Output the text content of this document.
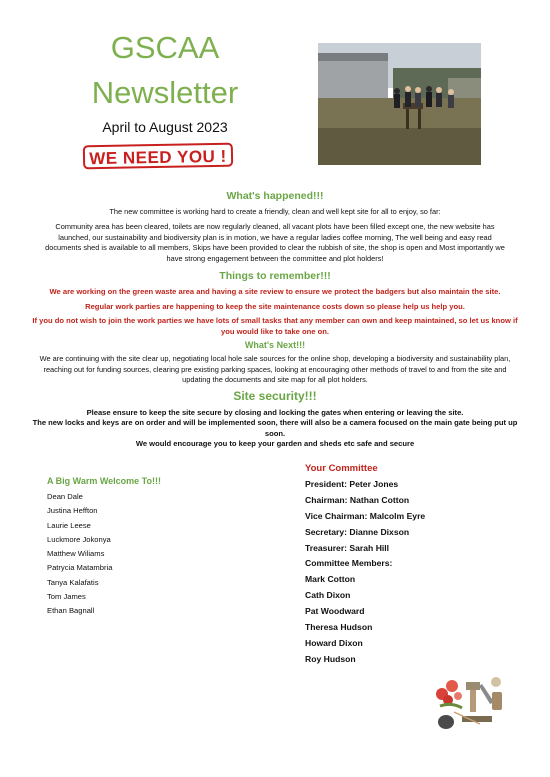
GSCAA
Newsletter
April to August 2023
WE NEED YOU !
What's happened!!!
The new committee is working hard to create a friendly, clean and well kept site for all to enjoy, so far:
Community area has been cleared, toilets are now regularly cleaned, all vacant plots have been filled except one, the new website has launched, our sustainability and biodiversity plan is in motion, we have a regular ladies coffee morning, The well being and easy read documents shed is available to all members, Skips have been provided to clear the rubbish of site, the shop is open and Most importantly we have strong engagement between the committee and plot holders!
Things to remember!!!
We are working on the green waste area and having a site review to ensure we protect the badgers but also maintain the site.
Regular work parties are happening to keep the site maintenance costs down so please help us help you.
If you do not wish to join the work parties we have lots of small tasks that any member can own and keep maintained, so let us know if you would like to take one on.
What's Next!!!
We are continuing with the site clear up, negotiating local hole sale sources for the online shop, developing a biodiversity and sustainability plan, reaching out for funding sources, clearing pre existing parking spaces, looking at encouraging other methods of travel to and from the site and updating the documents and site map for all plot holders.
Site security!!!
Please ensure to keep the site secure by closing and locking the gates when entering or leaving the site.
The new locks and keys are on order and will be implemented soon, there will also be a camera focused on the main gate being put up soon.
We would encourage you to keep your garden and sheds etc safe and secure
A Big Warm Welcome To!!!
Dean Dale
Justina Heffton
Laurie Leese
Luckmore Jokonya
Matthew Wiliams
Patrycia Matambria
Tanya Kalafatis
Tom James
Ethan Bagnall
Your Committee
President: Peter Jones
Chairman: Nathan Cotton
Vice Chairman: Malcolm Eyre
Secretary: Dianne Dixson
Treasurer: Sarah Hill
Committee Members:
Mark Cotton
Cath Dixon
Pat Woodward
Theresa Hudson
Howard Dixon
Roy Hudson
